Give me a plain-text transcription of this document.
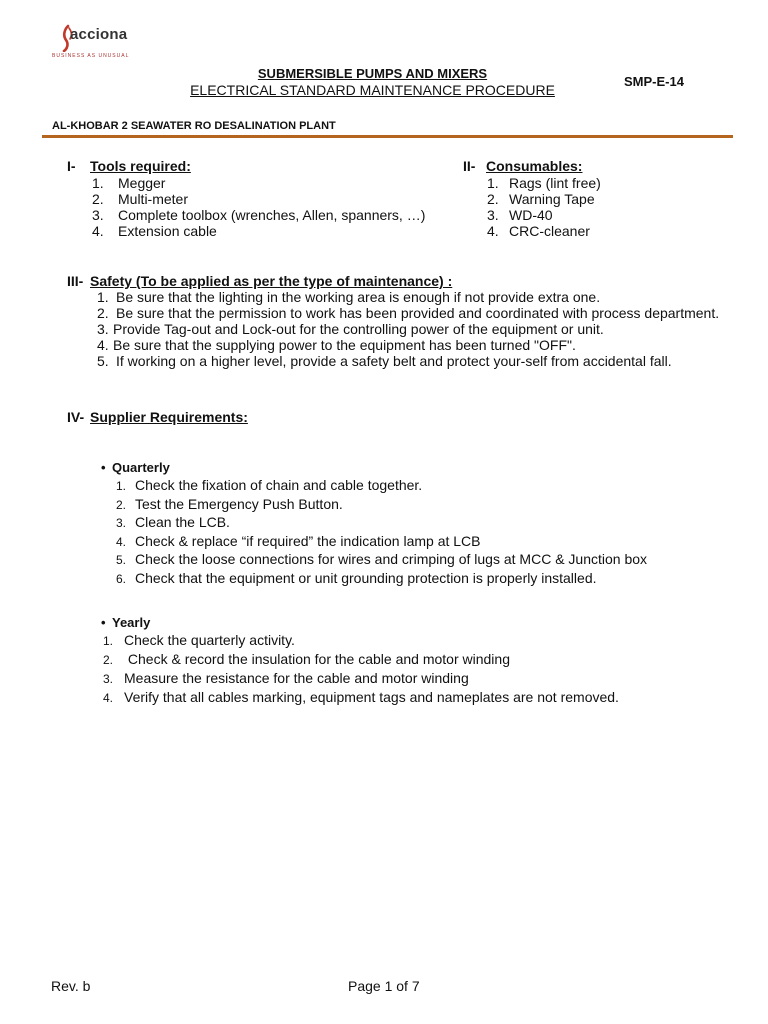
acciona
BUSINESS AS UNUSUAL
SUBMERSIBLE PUMPS AND MIXERS
ELECTRICAL STANDARD MAINTENANCE PROCEDURE
SMP-E-14
AL-KHOBAR 2 SEAWATER RO DESALINATION PLANT
I- Tools required:
1. Megger
2. Multi-meter
3. Complete toolbox (wrenches, Allen, spanners, …)
4. Extension cable
II- Consumables:
1. Rags (lint free)
2. Warning Tape
3. WD-40
4. CRC-cleaner
III- Safety (To be applied as per the type of maintenance) :
1. Be sure that the lighting in the working area is enough if not provide extra one.
2. Be sure that the permission to work has been provided and coordinated with process department.
3. Provide Tag-out and Lock-out for the controlling power of the equipment or unit.
4. Be sure that the supplying power to the equipment has been turned "OFF".
5. If working on a higher level, provide a safety belt and protect your-self from accidental fall.
IV- Supplier Requirements:
• Quarterly
1. Check the fixation of chain and cable together.
2. Test the Emergency Push Button.
3. Clean the LCB.
4. Check & replace “if required” the indication lamp at LCB
5. Check the loose connections for wires and crimping of lugs at MCC & Junction box
6. Check that the equipment or unit grounding protection is properly installed.
• Yearly
1. Check the quarterly activity.
2. Check & record the insulation for the cable and motor winding
3. Measure the resistance for the cable and motor winding
4. Verify that all cables marking, equipment tags and nameplates are not removed.
Rev. b	Page 1 of 7
